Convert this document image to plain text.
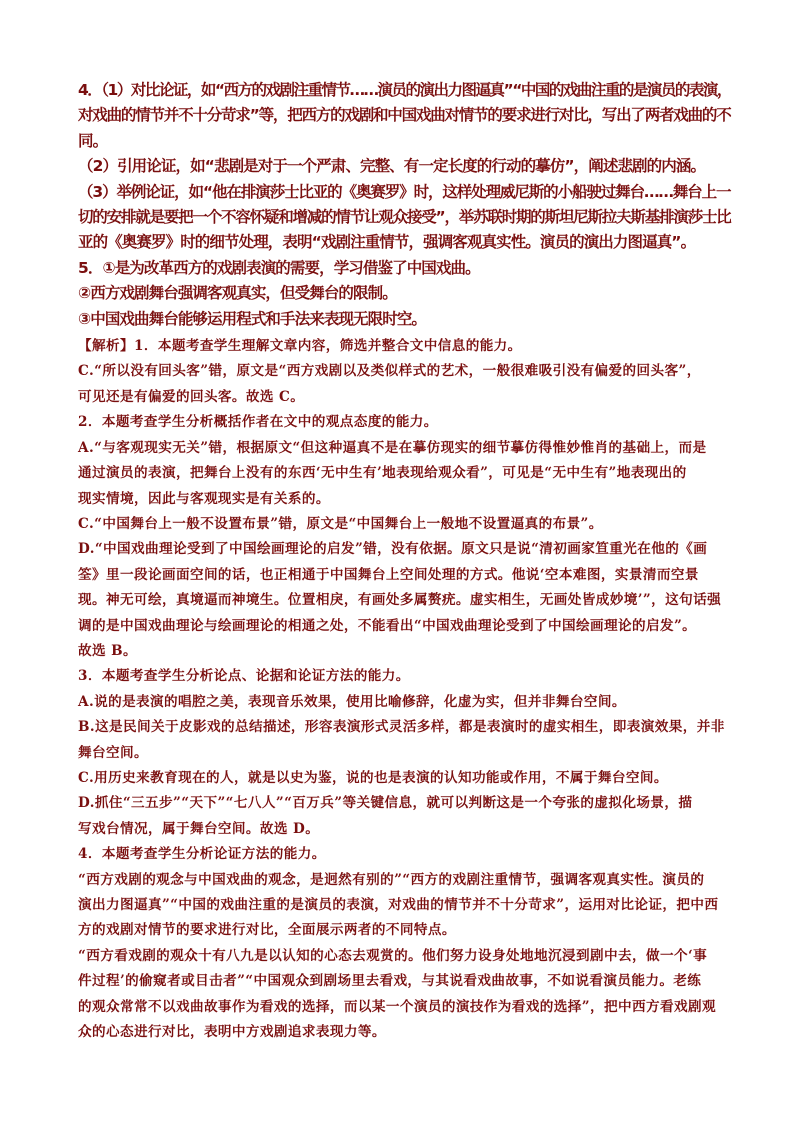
4．（1）对比论证，如“西方的戏剧注重情节……演员的演出力图逼真”“中国的戏曲注重的是演员的表演，

对戏曲的情节并不十分苛求”等，把西方的戏剧和中国戏曲对情节的要求进行对比，写出了两者戏曲的不

同。

（2）引用论证，如“悲剧是对于一个严肃、完整、有一定长度的行动的摹仿”，阐述悲剧的内涵。

（3）举例论证，如“他在排演莎士比亚的《奥赛罗》时，这样处理威尼斯的小船驶过舞台……舞台上一

切的安排就是要把一个不容怀疑和增减的情节让观众接受”，举苏联时期的斯坦尼斯拉夫斯基排演莎士比

亚的《奥赛罗》时的细节处理，表明“戏剧注重情节，强调客观真实性。演员的演出力图逼真”。

5．①是为改革西方的戏剧表演的需要，学习借鉴了中国戏曲。

②西方戏剧舞台强调客观真实，但受舞台的限制。

③中国戏曲舞台能够运用程式和手法来表现无限时空。

【解析】1．本题考查学生理解文章内容，筛选并整合文中信息的能力。

C.“所以没有回头客”错，原文是“西方戏剧以及类似样式的艺术，一般很难吸引没有偏爱的回头客”，

可见还是有偏爱的回头客。故选 C。

2．本题考查学生分析概括作者在文中的观点态度的能力。

A.“与客观现实无关”错，根据原文“但这种逼真不是在摹仿现实的细节摹仿得惟妙惟肖的基础上，而是

通过演员的表演，把舞台上没有的东西‘无中生有’地表现给观众看”，可见是“无中生有”地表现出的

现实情境，因此与客观现实是有关系的。

C.“中国舞台上一般不设置布景”错，原文是“中国舞台上一般地不设置逼真的布景”。

D.“中国戏曲理论受到了中国绘画理论的启发”错，没有依据。原文只是说“清初画家笪重光在他的《画

筌》里一段论画面空间的话，也正相通于中国舞台上空间处理的方式。他说‘空本难图，实景清而空景

现。神无可绘，真境逼而神境生。位置相戾，有画处多属赘疣。虚实相生，无画处皆成妙境’”，这句话强

调的是中国戏曲理论与绘画理论的相通之处，不能看出“中国戏曲理论受到了中国绘画理论的启发”。

故选 B。

3．本题考查学生分析论点、论据和论证方法的能力。

A.说的是表演的唱腔之美，表现音乐效果，使用比喻修辞，化虚为实，但并非舞台空间。

B.这是民间关于皮影戏的总结描述，形容表演形式灵活多样，都是表演时的虚实相生，即表演效果，并非

舞台空间。

C.用历史来教育现在的人，就是以史为鉴，说的也是表演的认知功能或作用，不属于舞台空间。

D.抓住“三五步”“天下”“七八人”“百万兵”等关键信息，就可以判断这是一个夸张的虚拟化场景，描

写戏台情况，属于舞台空间。故选 D。

4．本题考查学生分析论证方法的能力。

“西方戏剧的观念与中国戏曲的观念，是迥然有别的”“西方的戏剧注重情节，强调客观真实性。演员的

演出力图逼真”“中国的戏曲注重的是演员的表演，对戏曲的情节并不十分苛求”，运用对比论证，把中西

方的戏剧对情节的要求进行对比，全面展示两者的不同特点。

“西方看戏剧的观众十有八九是以认知的心态去观赏的。他们努力设身处地地沉浸到剧中去，做一个‘事

件过程’的偷窥者或目击者”“中国观众到剧场里去看戏，与其说看戏曲故事，不如说看演员能力。老练

的观众常常不以戏曲故事作为看戏的选择，而以某一个演员的演技作为看戏的选择”，把中西方看戏剧观

众的心态进行对比，表明中方戏剧追求表现力等。
